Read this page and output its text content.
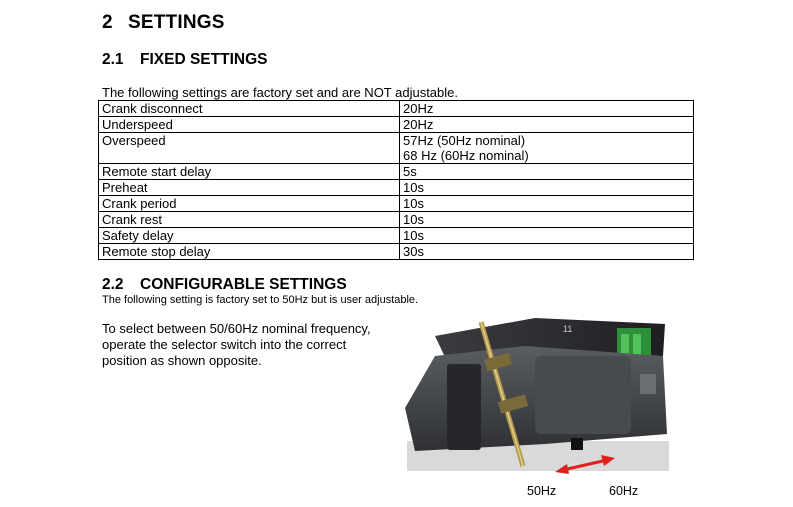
2 SETTINGS
2.1 FIXED SETTINGS
The following settings are factory set and are NOT adjustable.
Crank disconnect	20Hz

Underspeed	20Hz

Overspeed	57Hz (50Hz nominal)
68 Hz (60Hz nominal)

Remote start delay	5s

Preheat	10s

Crank period	10s

Crank rest	10s

Safety delay	10s

Remote stop delay	30s
2.2 CONFIGURABLE SETTINGS
The following setting is factory set to 50Hz but is user adjustable.
To select between 50/60Hz nominal frequency, operate the selector switch into the correct position as shown opposite.
11
50Hz	60Hz
